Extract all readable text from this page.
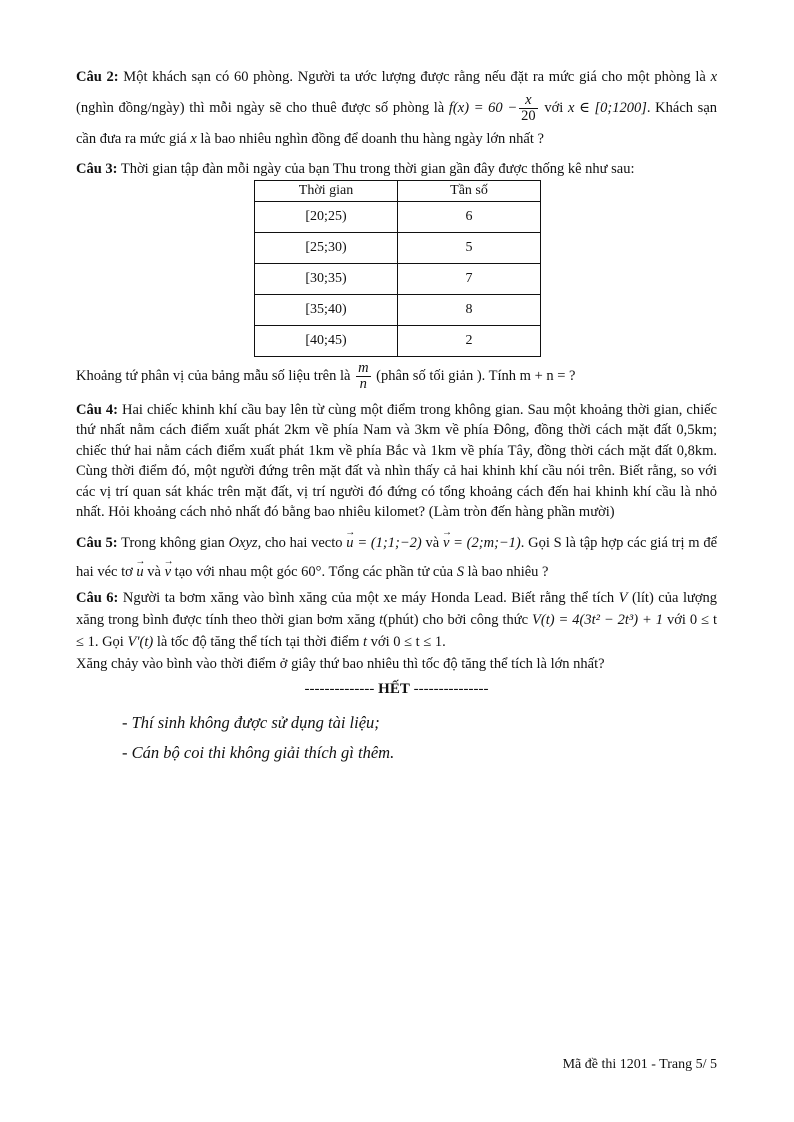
Câu 2: Một khách sạn có 60 phòng. Người ta ước lượng được rằng nếu đặt ra mức giá cho một phòng là x (nghìn đồng/ngày) thì mỗi ngày sẽ cho thuê được số phòng là $f(x) = 60 - \frac{x}{20}$ với x ∈ [0;1200]. Khách sạn cần đưa ra mức giá x là bao nhiêu nghìn đồng để doanh thu hàng ngày lớn nhất ?

Câu 3: Thời gian tập đàn mỗi ngày của bạn Thu trong thời gian gần đây được thống kê như sau:

Thời gian	Tần số
[20;25)	6
[25;30)	5
[30;35)	7
[35;40)	8
[40;45)	2

Khoảng tứ phân vị của bảng mẫu số liệu trên là $\frac{m}{n}$ (phân số tối giản ). Tính m + n = ?

Câu 4: Hai chiếc khinh khí cầu bay lên từ cùng một điểm trong không gian. Sau một khoảng thời gian, chiếc thứ nhất nằm cách điểm xuất phát 2km về phía Nam và 3km về phía Đông, đồng thời cách mặt đất 0,5km; chiếc thứ hai nằm cách điểm xuất phát 1km về phía Bắc và 1km về phía Tây, đồng thời cách mặt đất 0,8km. Cùng thời điểm đó, một người đứng trên mặt đất và nhìn thấy cả hai khinh khí cầu nói trên. Biết rằng, so với các vị trí quan sát khác trên mặt đất, vị trí người đó đứng có tổng khoảng cách đến hai khinh khí cầu là nhỏ nhất. Hỏi khoảng cách nhỏ nhất đó bằng bao nhiêu kilomet? (Làm tròn đến hàng phần mười)

Câu 5: Trong không gian Oxyz, cho hai vecto → u = (1;1;−2) và → v = (2;m;−1). Gọi S là tập hợp các giá trị m để hai véc tơ → u và → v tạo với nhau một góc 60°. Tổng các phần tử của S là bao nhiêu ?

Câu 6: Người ta bơm xăng vào bình xăng của một xe máy Honda Lead. Biết rằng thể tích V (lít) của lượng xăng trong bình được tính theo thời gian bơm xăng t(phút) cho bởi công thức V(t) = 4(3t² − 2t³) + 1 với 0 ≤ t ≤ 1. Gọi V′(t) là tốc độ tăng thể tích tại thời điểm t với 0 ≤ t ≤ 1.
Xăng chảy vào bình vào thời điểm ở giây thứ bao nhiêu thì tốc độ tăng thể tích là lớn nhất?

-------------- HẾT ---------------
- Thí sinh không được sử dụng tài liệu;
- Cán bộ coi thi không giải thích gì thêm.
Mã đề thi 1201 - Trang 5/ 5
